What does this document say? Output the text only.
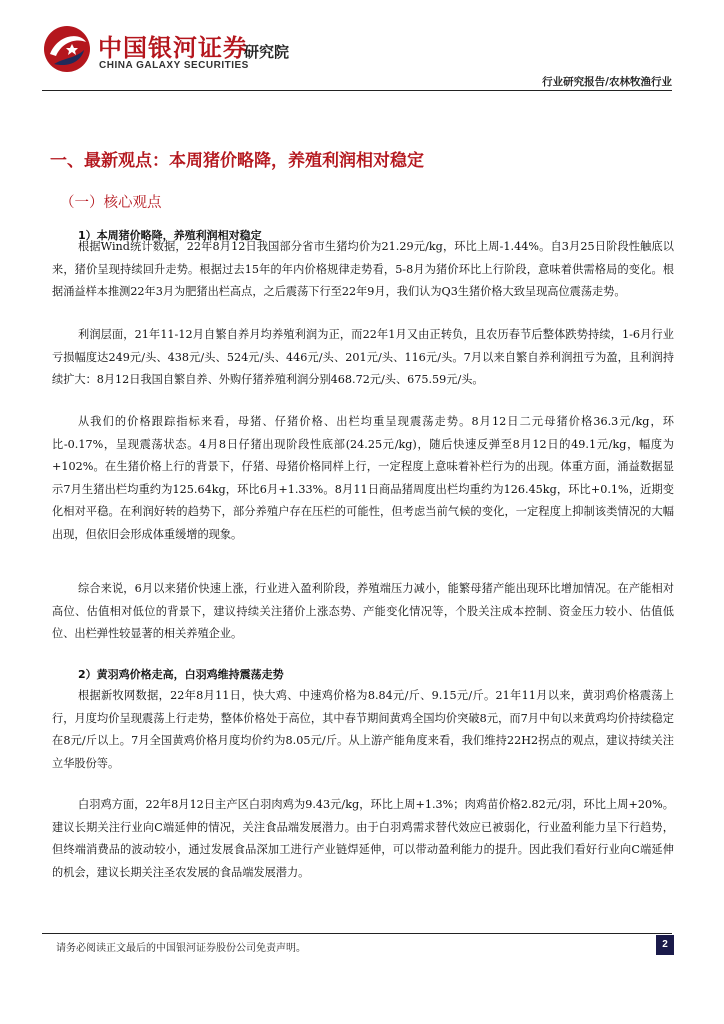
中国银河证券
CHINA GALAXY SECURITIES
研究院
行业研究报告/农林牧渔行业
一、最新观点：本周猪价略降，养殖利润相对稳定
（一）核心观点
1）本周猪价略降，养殖利润相对稳定

根据Wind统计数据，22年8月12日我国部分省市生猪均价为21.29元/kg，环比上周-1.44%。自3月25日阶段性触底以来，猪价呈现持续回升走势。根据过去15年的年内价格规律走势看，5-8月为猪价环比上行阶段，意味着供需格局的变化。根据涌益样本推测22年3月为肥猪出栏高点，之后震荡下行至22年9月，我们认为Q3生猪价格大致呈现高位震荡走势。

利润层面，21年11-12月自繁自养月均养殖利润为正，而22年1月又由正转负，且农历春节后整体跌势持续，1-6月行业亏损幅度达249元/头、438元/头、524元/头、446元/头、201元/头、116元/头。7月以来自繁自养利润扭亏为盈，且利润持续扩大：8月12日我国自繁自养、外购仔猪养殖利润分别468.72元/头、675.59元/头。

从我们的价格跟踪指标来看，母猪、仔猪价格、出栏均重呈现震荡走势。8月12日二元母猪价格36.3元/kg，环比-0.17%，呈现震荡状态。4月8日仔猪出现阶段性底部(24.25元/kg)，随后快速反弹至8月12日的49.1元/kg，幅度为+102%。在生猪价格上行的背景下，仔猪、母猪价格同样上行，一定程度上意味着补栏行为的出现。体重方面，涌益数据显示7月生猪出栏均重约为125.64kg，环比6月+1.33%。8月11日商品猪周度出栏均重约为126.45kg，环比+0.1%，近期变化相对平稳。在利润好转的趋势下，部分养殖户存在压栏的可能性，但考虑当前气候的变化，一定程度上抑制该类情况的大幅出现，但依旧会形成体重缓增的现象。

综合来说，6月以来猪价快速上涨，行业进入盈利阶段，养殖端压力减小，能繁母猪产能出现环比增加情况。在产能相对高位、估值相对低位的背景下，建议持续关注猪价上涨态势、产能变化情况等，个股关注成本控制、资金压力较小、估值低位、出栏弹性较显著的相关养殖企业。

2）黄羽鸡价格走高，白羽鸡维持震荡走势

根据新牧网数据，22年8月11日，快大鸡、中速鸡价格为8.84元/斤、9.15元/斤。21年11月以来，黄羽鸡价格震荡上行，月度均价呈现震荡上行走势，整体价格处于高位，其中春节期间黄鸡全国均价突破8元，而7月中旬以来黄鸡均价持续稳定在8元/斤以上。7月全国黄鸡价格月度均价约为8.05元/斤。从上游产能角度来看，我们维持22H2拐点的观点，建议持续关注立华股份等。

白羽鸡方面，22年8月12日主产区白羽肉鸡为9.43元/kg，环比上周+1.3%；肉鸡苗价格2.82元/羽，环比上周+20%。建议长期关注行业向C端延伸的情况，关注食品端发展潜力。由于白羽鸡需求替代效应已被弱化，行业盈利能力呈下行趋势，但终端消费品的波动较小，通过发展食品深加工进行产业链焊延伸，可以带动盈利能力的提升。因此我们看好行业向C端延伸的机会，建议长期关注圣农发展的食品端发展潜力。

请务必阅读正文最后的中国银河证券股份公司免责声明。	2
